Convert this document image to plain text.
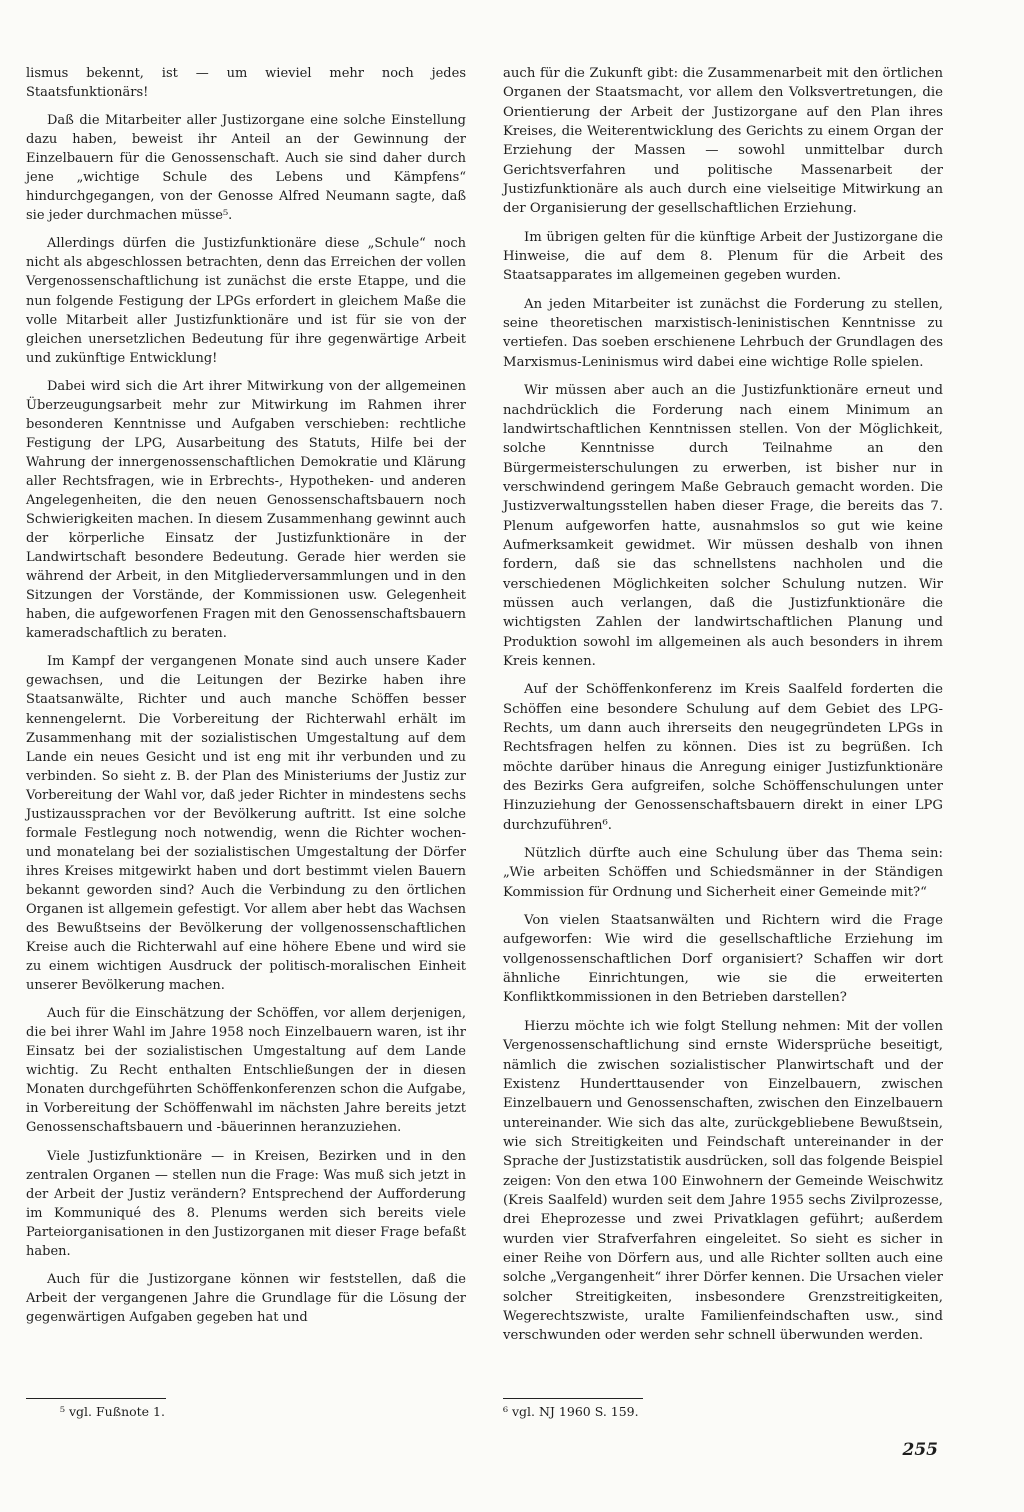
lismus bekennt, ist — um wieviel mehr noch jedes Staatsfunktionärs!

Daß die Mitarbeiter aller Justizorgane eine solche Einstellung dazu haben, beweist ihr Anteil an der Gewinnung der Einzelbauern für die Genossenschaft. Auch sie sind daher durch jene „wichtige Schule des Lebens und Kämpfens“ hindurchgegangen, von der Genosse Alfred Neumann sagte, daß sie jeder durchmachen müsse⁵.

Allerdings dürfen die Justizfunktionäre diese „Schule“ noch nicht als abgeschlossen betrachten, denn das Erreichen der vollen Vergenossenschaftlichung ist zunächst die erste Etappe, und die nun folgende Festigung der LPGs erfordert in gleichem Maße die volle Mitarbeit aller Justizfunktionäre und ist für sie von der gleichen unersetzlichen Bedeutung für ihre gegenwärtige Arbeit und zukünftige Entwicklung!

Dabei wird sich die Art ihrer Mitwirkung von der allgemeinen Überzeugungsarbeit mehr zur Mitwirkung im Rahmen ihrer besonderen Kenntnisse und Aufgaben verschieben: rechtliche Festigung der LPG, Ausarbeitung des Statuts, Hilfe bei der Wahrung der innergenossenschaftlichen Demokratie und Klärung aller Rechtsfragen, wie in Erbrechts-, Hypotheken- und anderen Angelegenheiten, die den neuen Genossenschaftsbauern noch Schwierigkeiten machen. In diesem Zusammenhang gewinnt auch der körperliche Einsatz der Justizfunktionäre in der Landwirtschaft besondere Bedeutung. Gerade hier werden sie während der Arbeit, in den Mitgliederversammlungen und in den Sitzungen der Vorstände, der Kommissionen usw. Gelegenheit haben, die aufgeworfenen Fragen mit den Genossenschaftsbauern kameradschaftlich zu beraten.

Im Kampf der vergangenen Monate sind auch unsere Kader gewachsen, und die Leitungen der Bezirke haben ihre Staatsanwälte, Richter und auch manche Schöffen besser kennengelernt. Die Vorbereitung der Richterwahl erhält im Zusammenhang mit der sozialistischen Umgestaltung auf dem Lande ein neues Gesicht und ist eng mit ihr verbunden und zu verbinden. So sieht z. B. der Plan des Ministeriums der Justiz zur Vorbereitung der Wahl vor, daß jeder Richter in mindestens sechs Justizaussprachen vor der Bevölkerung auftritt. Ist eine solche formale Festlegung noch notwendig, wenn die Richter wochen- und monatelang bei der sozialistischen Umgestaltung der Dörfer ihres Kreises mitgewirkt haben und dort bestimmt vielen Bauern bekannt geworden sind? Auch die Verbindung zu den örtlichen Organen ist allgemein gefestigt. Vor allem aber hebt das Wachsen des Bewußtseins der Bevölkerung der vollgenossenschaftlichen Kreise auch die Richterwahl auf eine höhere Ebene und wird sie zu einem wichtigen Ausdruck der politisch-moralischen Einheit unserer Bevölkerung machen.

Auch für die Einschätzung der Schöffen, vor allem derjenigen, die bei ihrer Wahl im Jahre 1958 noch Einzelbauern waren, ist ihr Einsatz bei der sozialistischen Umgestaltung auf dem Lande wichtig. Zu Recht enthalten Entschließungen der in diesen Monaten durchgeführten Schöffenkonferenzen schon die Aufgabe, in Vorbereitung der Schöffenwahl im nächsten Jahre bereits jetzt Genossenschaftsbauern und -bäuerinnen heranzuziehen.

Viele Justizfunktionäre — in Kreisen, Bezirken und in den zentralen Organen — stellen nun die Frage: Was muß sich jetzt in der Arbeit der Justiz verändern? Entsprechend der Aufforderung im Kommuniqué des 8. Plenums werden sich bereits viele Parteiorganisationen in den Justizorganen mit dieser Frage befaßt haben.

Auch für die Justizorgane können wir feststellen, daß die Arbeit der vergangenen Jahre die Grundlage für die Lösung der gegenwärtigen Aufgaben gegeben hat und

auch für die Zukunft gibt: die Zusammenarbeit mit den örtlichen Organen der Staatsmacht, vor allem den Volksvertretungen, die Orientierung der Arbeit der Justizorgane auf den Plan ihres Kreises, die Weiterentwicklung des Gerichts zu einem Organ der Erziehung der Massen — sowohl unmittelbar durch Gerichtsverfahren und politische Massenarbeit der Justizfunktionäre als auch durch eine vielseitige Mitwirkung an der Organisierung der gesellschaftlichen Erziehung.

Im übrigen gelten für die künftige Arbeit der Justizorgane die Hinweise, die auf dem 8. Plenum für die Arbeit des Staatsapparates im allgemeinen gegeben wurden.

An jeden Mitarbeiter ist zunächst die Forderung zu stellen, seine theoretischen marxistisch-leninistischen Kenntnisse zu vertiefen. Das soeben erschienene Lehrbuch der Grundlagen des Marxismus-Leninismus wird dabei eine wichtige Rolle spielen.

Wir müssen aber auch an die Justizfunktionäre erneut und nachdrücklich die Forderung nach einem Minimum an landwirtschaftlichen Kenntnissen stellen. Von der Möglichkeit, solche Kenntnisse durch Teilnahme an den Bürgermeisterschulungen zu erwerben, ist bisher nur in verschwindend geringem Maße Gebrauch gemacht worden. Die Justizverwaltungsstellen haben dieser Frage, die bereits das 7. Plenum aufgeworfen hatte, ausnahmslos so gut wie keine Aufmerksamkeit gewidmet. Wir müssen deshalb von ihnen fordern, daß sie das schnellstens nachholen und die verschiedenen Möglichkeiten solcher Schulung nutzen. Wir müssen auch verlangen, daß die Justizfunktionäre die wichtigsten Zahlen der landwirtschaftlichen Planung und Produktion sowohl im allgemeinen als auch besonders in ihrem Kreis kennen.

Auf der Schöffenkonferenz im Kreis Saalfeld forderten die Schöffen eine besondere Schulung auf dem Gebiet des LPG-Rechts, um dann auch ihrerseits den neugegründeten LPGs in Rechtsfragen helfen zu können. Dies ist zu begrüßen. Ich möchte darüber hinaus die Anregung einiger Justizfunktionäre des Bezirks Gera aufgreifen, solche Schöffenschulungen unter Hinzuziehung der Genossenschaftsbauern direkt in einer LPG durchzuführen⁶.

Nützlich dürfte auch eine Schulung über das Thema sein: „Wie arbeiten Schöffen und Schiedsmänner in der Ständigen Kommission für Ordnung und Sicherheit einer Gemeinde mit?“

Von vielen Staatsanwälten und Richtern wird die Frage aufgeworfen: Wie wird die gesellschaftliche Erziehung im vollgenossenschaftlichen Dorf organisiert? Schaffen wir dort ähnliche Einrichtungen, wie sie die erweiterten Konfliktkommissionen in den Betrieben darstellen?

Hierzu möchte ich wie folgt Stellung nehmen: Mit der vollen Vergenossenschaftlichung sind ernste Widersprüche beseitigt, nämlich die zwischen sozialistischer Planwirtschaft und der Existenz Hunderttausender von Einzelbauern, zwischen Einzelbauern und Genossenschaften, zwischen den Einzelbauern untereinander. Wie sich das alte, zurückgebliebene Bewußtsein, wie sich Streitigkeiten und Feindschaft untereinander in der Sprache der Justizstatistik ausdrücken, soll das folgende Beispiel zeigen: Von den etwa 100 Einwohnern der Gemeinde Weischwitz (Kreis Saalfeld) wurden seit dem Jahre 1955 sechs Zivilprozesse, drei Eheprozesse und zwei Privatklagen geführt; außerdem wurden vier Strafverfahren eingeleitet. So sieht es sicher in einer Reihe von Dörfern aus, und alle Richter sollten auch eine solche „Vergangenheit“ ihrer Dörfer kennen. Die Ursachen vieler solcher Streitigkeiten, insbesondere Grenzstreitigkeiten, Wegerechtszwiste, uralte Familienfeindschaften usw., sind verschwunden oder werden sehr schnell überwunden werden.

⁵ vgl. Fußnote 1.	⁶ vgl. NJ 1960 S. 159.
255
